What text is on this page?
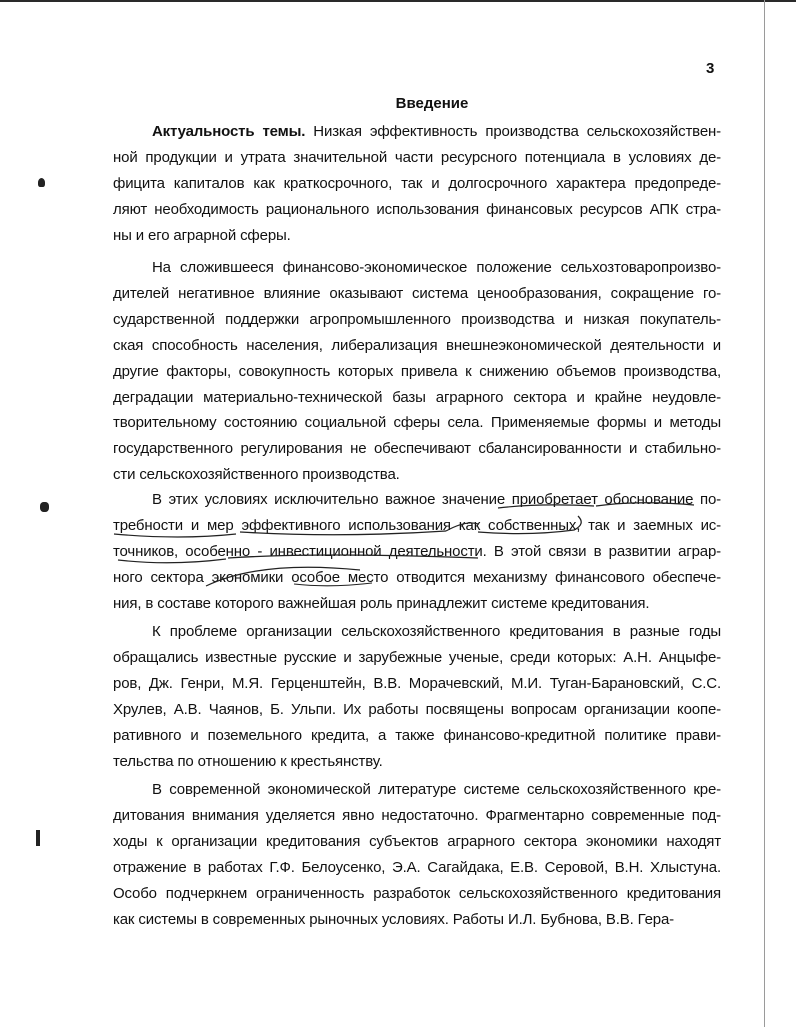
3
Введение
Актуальность темы. Низкая эффективность производства сельскохозяйствен-
ной продукции и утрата значительной части ресурсного потенциала в условиях де-
фицита капиталов как краткосрочного, так и долгосрочного характера предопреде-
ляют необходимость рационального использования финансовых ресурсов АПК стра-
ны и его аграрной сферы.
На сложившееся финансово-экономическое положение сельхозтоваропроизво-
дителей негативное влияние оказывают система ценообразования, сокращение го-
сударственной поддержки агропромышленного производства и низкая покупатель-
ская способность населения, либерализация внешнеэкономической деятельности и
другие факторы, совокупность которых привела к снижению объемов производства,
деградации материально-технической базы аграрного сектора и крайне неудовле-
творительному состоянию социальной сферы села. Применяемые формы и методы
государственного регулирования не обеспечивают сбалансированности и стабильно-
сти сельскохозяйственного производства.
В этих условиях исключительно важное значение приобретает обоснование по-
требности и мер эффективного использования как собственных, так и заемных ис-
точников, особенно - инвестиционной деятельности. В этой связи в развитии аграр-
ного сектора экономики особое место отводится механизму финансового обеспече-
ния, в составе которого важнейшая роль принадлежит системе кредитования.
К проблеме организации сельскохозяйственного кредитования в разные годы
обращались известные русские и зарубежные ученые, среди которых: А.Н. Анцыфе-
ров, Дж. Генри, М.Я. Герценштейн, В.В. Морачевский, М.И. Туган-Барановский, С.С.
Хрулев, А.В. Чаянов, Б. Ульпи. Их работы посвящены вопросам организации коопе-
ративного и поземельного кредита, а также финансово-кредитной политике прави-
тельства по отношению к крестьянству.
В современной экономической литературе системе сельскохозяйственного кре-
дитования внимания уделяется явно недостаточно. Фрагментарно современные под-
ходы к организации кредитования субъектов аграрного сектора экономики находят
отражение в работах Г.Ф. Белоусенко, Э.А. Сагайдака, Е.В. Серовой, В.Н. Хлыстуна.
Особо подчеркнем ограниченность разработок сельскохозяйственного кредитования
как системы в современных рыночных условиях. Работы И.Л. Бубнова, В.В. Гера-
